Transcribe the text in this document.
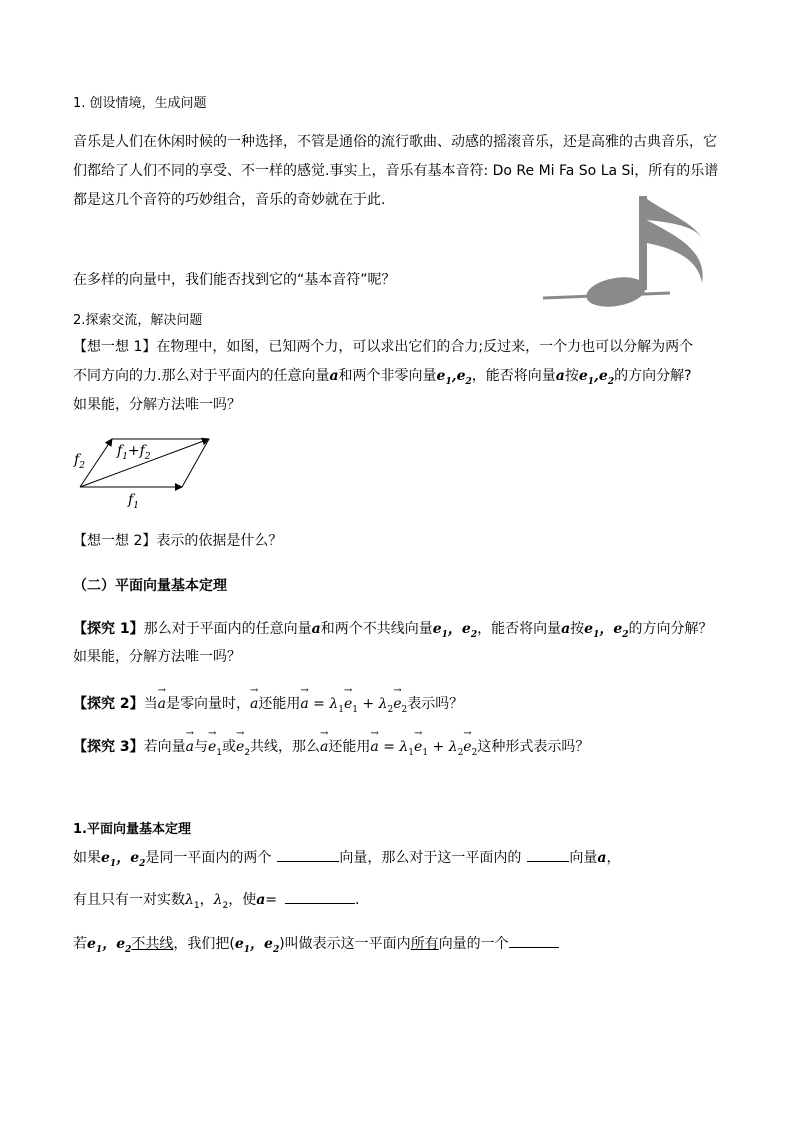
1. 创设情境，生成问题
音乐是人们在休闲时候的一种选择，不管是通俗的流行歌曲、动感的摇滚音乐，还是高雅的古典音乐，它
们都给了人们不同的享受、不一样的感觉.事实上，音乐有基本音符: Do Re Mi Fa So La Si，所有的乐谱
都是这几个音符的巧妙组合，音乐的奇妙就在于此.
在多样的向量中，我们能否找到它的“基本音符”呢？
2.探索交流，解决问题
【想一想 1】在物理中，如图，已知两个力，可以求出它们的合力;反过来，一个力也可以分解为两个
不同方向的力.那么对于平面内的任意向量a和两个非零向量$e_1,e_2$，能否将向量a按$e_1,e_2$的方向分解?
如果能，分解方法唯一吗？
$f_2$
$f_1+f_2$
$f_1$
【想一想 2】表示的依据是什么？
（二）平面向量基本定理
【探究 1】那么对于平面内的任意向量a和两个不共线向量$e_1$，$e_2$，能否将向量a按$e_1$，$e_2$的方向分解？
如果能，分解方法唯一吗？
【探究 2】当→ a是零向量时，→ a还能用→ $a = \lambda_1\to e_1 + \lambda_2\to e_2$表示吗？
【探究 3】若向量→ a与→ $e_1$或→ $e_2$共线，那么→ a还能用→ $a = \lambda_1\to e_1 + \lambda_2\to e_2$这种形式表示吗？
1.平面向量基本定理
如果$e_1$，$e_2$是同一平面内的两个	向量，那么对于这一平面内的	向量a，
有且只有一对实数$\lambda_1$，$\lambda_2$，使a=	.
若$e_1$，$e_2$不共线，我们把($e_1$，$e_2$)叫做表示这一平面内所有向量的一个
